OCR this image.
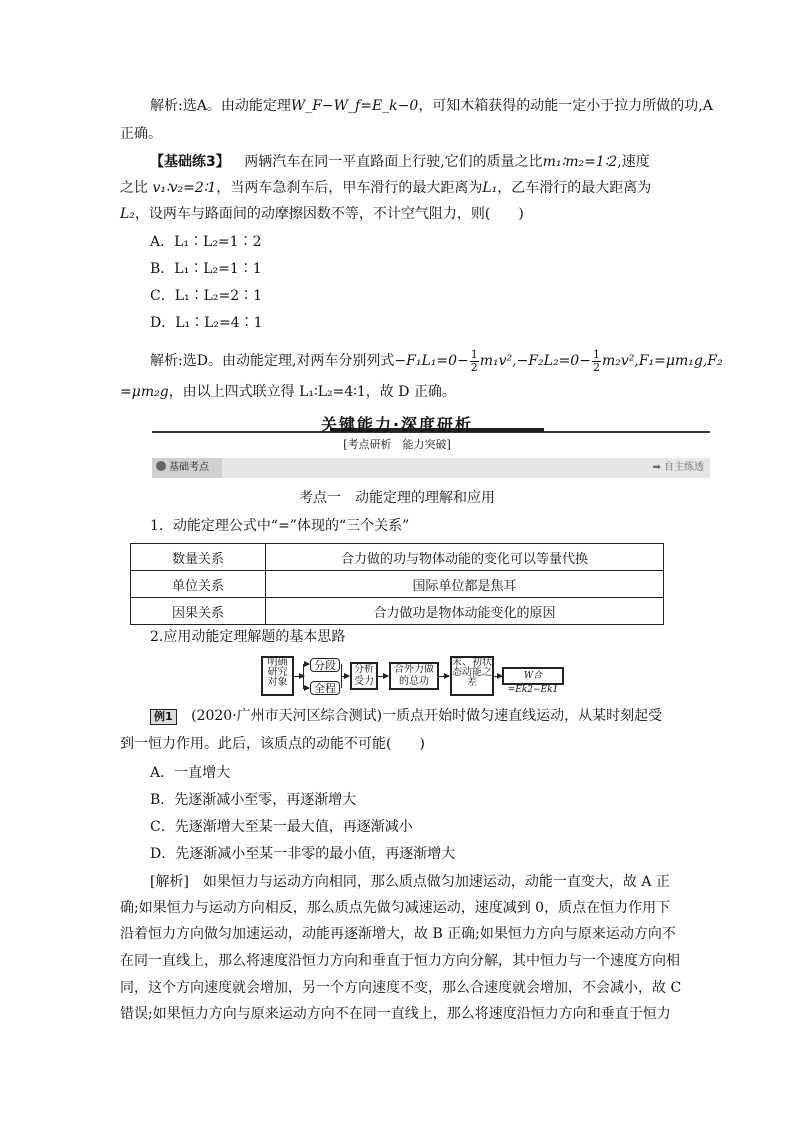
解析:选A。由动能定理W_F−W_f=E_k−0，可知木箱获得的动能一定小于拉力所做的功,A
正确。
【基础练3】 两辆汽车在同一平直路面上行驶,它们的质量之比m₁∶m₂=1∶2,速度
之比 v₁∶v₂=2∶1，当两车急刹车后，甲车滑行的最大距离为L₁，乙车滑行的最大距离为
L₂，设两车与路面间的动摩擦因数不等，不计空气阻力，则(　　)
A．L₁∶L₂=1∶2
B．L₁∶L₂=1∶1
C．L₁∶L₂=2∶1
D．L₁∶L₂=4∶1
解析:选D。由动能定理,对两车分别列式$-F_1L_1=0- \frac{1}{2} m_1v^2,-F_2L_2=0- \frac{1}{2} m_2v^2,F_1=\mu m_1g,F_2$
=μm₂g，由以上四式联立得 L₁∶L₂=4∶1，故 D 正确。
关键能力·深度研析
[考点研析　能力突破]
基础考点	➡ 自主练透
考点一　动能定理的理解和应用
1．动能定理公式中“=”体现的“三个关系”
数量关系	合力做的功与物体动能的变化可以等量代换
单位关系	国际单位都是焦耳
因果关系	合力做功是物体动能变化的原因
2.应用动能定理解题的基本思路
明确研究对象
分段
全程
分析受力
合外力做的总功
末、初状态动能之差
W合=Ek2−Ek1
例1 (2020·广州市天河区综合测试)一质点开始时做匀速直线运动，从某时刻起受
到一恒力作用。此后，该质点的动能不可能(　　)
A．一直增大
B．先逐渐减小至零，再逐渐增大
C．先逐渐增大至某一最大值，再逐渐减小
D．先逐渐减小至某一非零的最小值，再逐渐增大
[解析]　如果恒力与运动方向相同，那么质点做匀加速运动，动能一直变大，故 A 正
确;如果恒力与运动方向相反，那么质点先做匀减速运动，速度减到 0，质点在恒力作用下
沿着恒力方向做匀加速运动，动能再逐渐增大，故 B 正确;如果恒力方向与原来运动方向不
在同一直线上，那么将速度沿恒力方向和垂直于恒力方向分解，其中恒力与一个速度方向相
同，这个方向速度就会增加，另一个方向速度不变，那么合速度就会增加，不会减小，故 C
错误;如果恒力方向与原来运动方向不在同一直线上，那么将速度沿恒力方向和垂直于恒力
